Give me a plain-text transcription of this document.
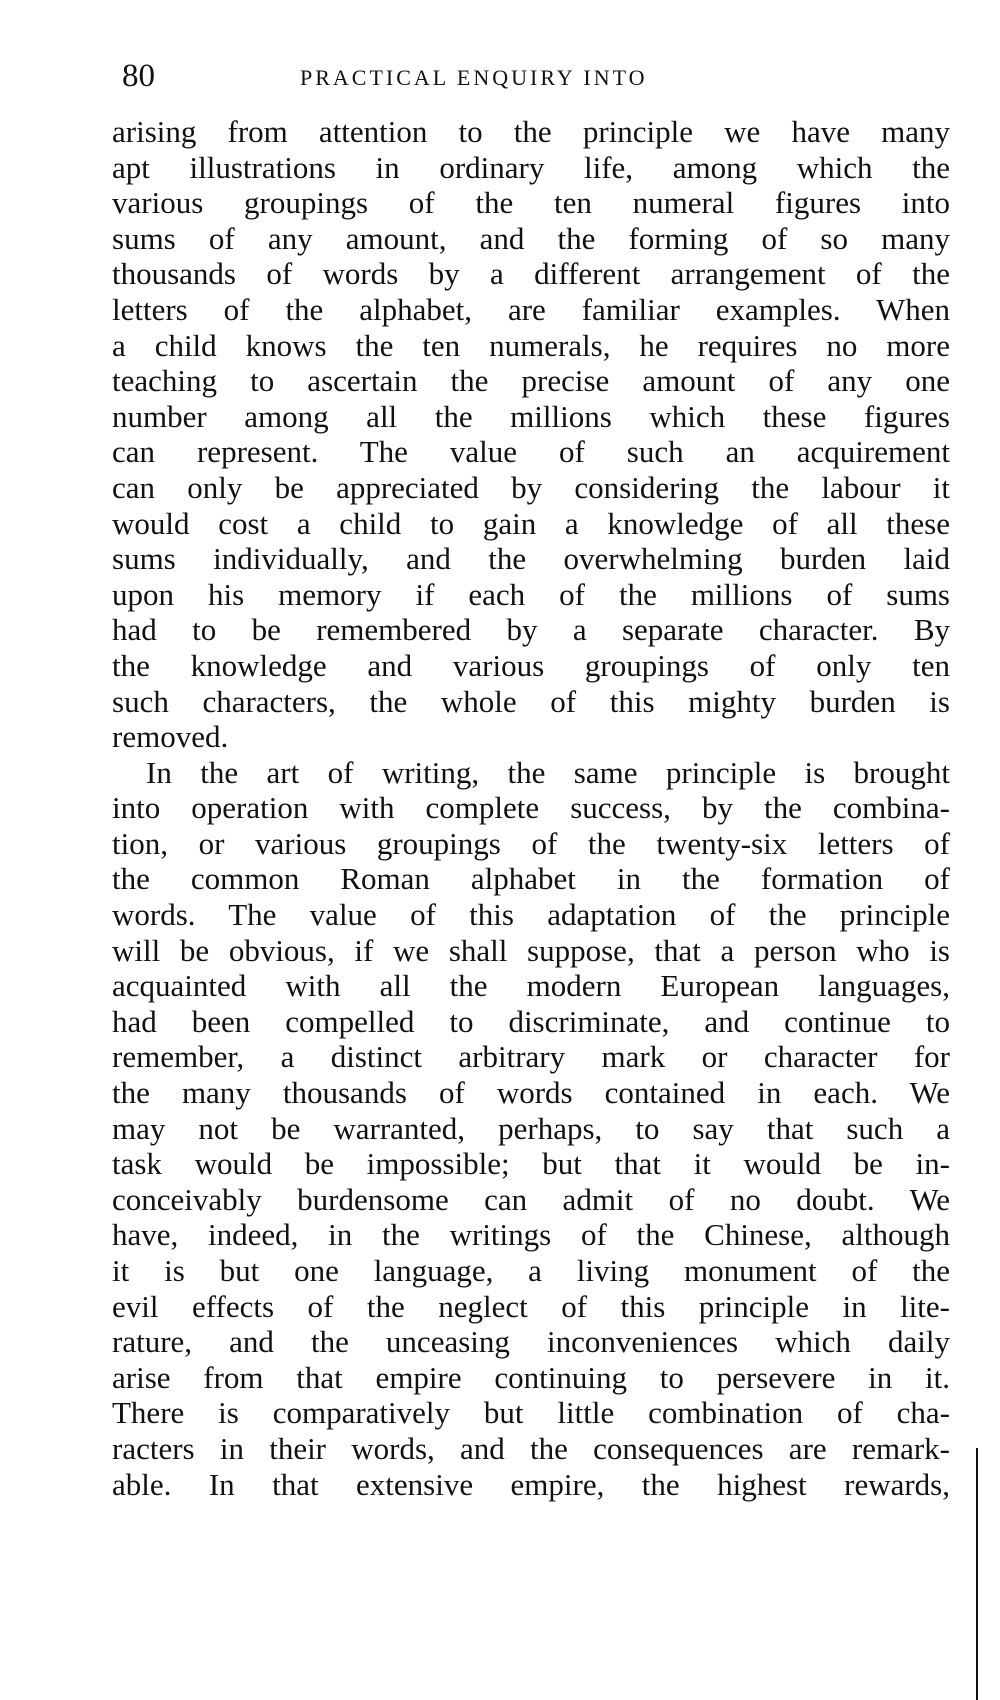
80	PRACTICAL ENQUIRY INTO
arising from attention to the principle we have many
apt illustrations in ordinary life, among which the
various groupings of the ten numeral figures into
sums of any amount, and the forming of so many
thousands of words by a different arrangement of the
letters of the alphabet, are familiar examples. When
a child knows the ten numerals, he requires no more
teaching to ascertain the precise amount of any one
number among all the millions which these figures
can represent. The value of such an acquirement
can only be appreciated by considering the labour it
would cost a child to gain a knowledge of all these
sums individually, and the overwhelming burden laid
upon his memory if each of the millions of sums
had to be remembered by a separate character. By
the knowledge and various groupings of only ten
such characters, the whole of this mighty burden is
removed.
In the art of writing, the same principle is brought
into operation with complete success, by the combina-
tion, or various groupings of the twenty-six letters of
the common Roman alphabet in the formation of
words. The value of this adaptation of the principle
will be obvious, if we shall suppose, that a person who is
acquainted with all the modern European languages,
had been compelled to discriminate, and continue to
remember, a distinct arbitrary mark or character for
the many thousands of words contained in each. We
may not be warranted, perhaps, to say that such a
task would be impossible; but that it would be in-
conceivably burdensome can admit of no doubt. We
have, indeed, in the writings of the Chinese, although
it is but one language, a living monument of the
evil effects of the neglect of this principle in lite-
rature, and the unceasing inconveniences which daily
arise from that empire continuing to persevere in it.
There is comparatively but little combination of cha-
racters in their words, and the consequences are remark-
able. In that extensive empire, the highest rewards,
